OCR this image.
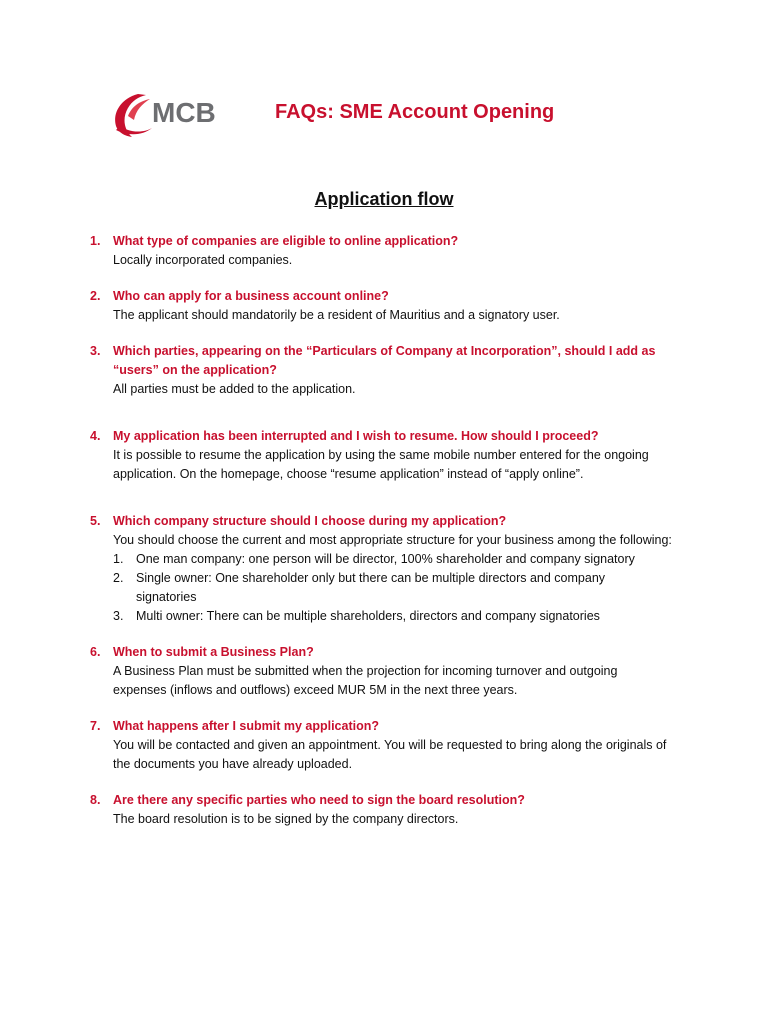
MCB	FAQs: SME Account Opening
Application flow
1. What type of companies are eligible to online application?

Locally incorporated companies.

2. Who can apply for a business account online?

The applicant should mandatorily be a resident of Mauritius and a signatory user.

3. Which parties, appearing on the “Particulars of Company at Incorporation”, should I add as “users” on the application?

All parties must be added to the application.

4. My application has been interrupted and I wish to resume. How should I proceed?

It is possible to resume the application by using the same mobile number entered for the ongoing application. On the homepage, choose “resume application” instead of “apply online”.

5. Which company structure should I choose during my application?

You should choose the current and most appropriate structure for your business among the following:

1. One man company: one person will be director, 100% shareholder and company signatory
2. Single owner: One shareholder only but there can be multiple directors and company signatories
3. Multi owner: There can be multiple shareholders, directors and company signatories
6. When to submit a Business Plan?

A Business Plan must be submitted when the projection for incoming turnover and outgoing expenses (inflows and outflows) exceed MUR 5M in the next three years.

7. What happens after I submit my application?

You will be contacted and given an appointment. You will be requested to bring along the originals of the documents you have already uploaded.

8. Are there any specific parties who need to sign the board resolution?

The board resolution is to be signed by the company directors.
